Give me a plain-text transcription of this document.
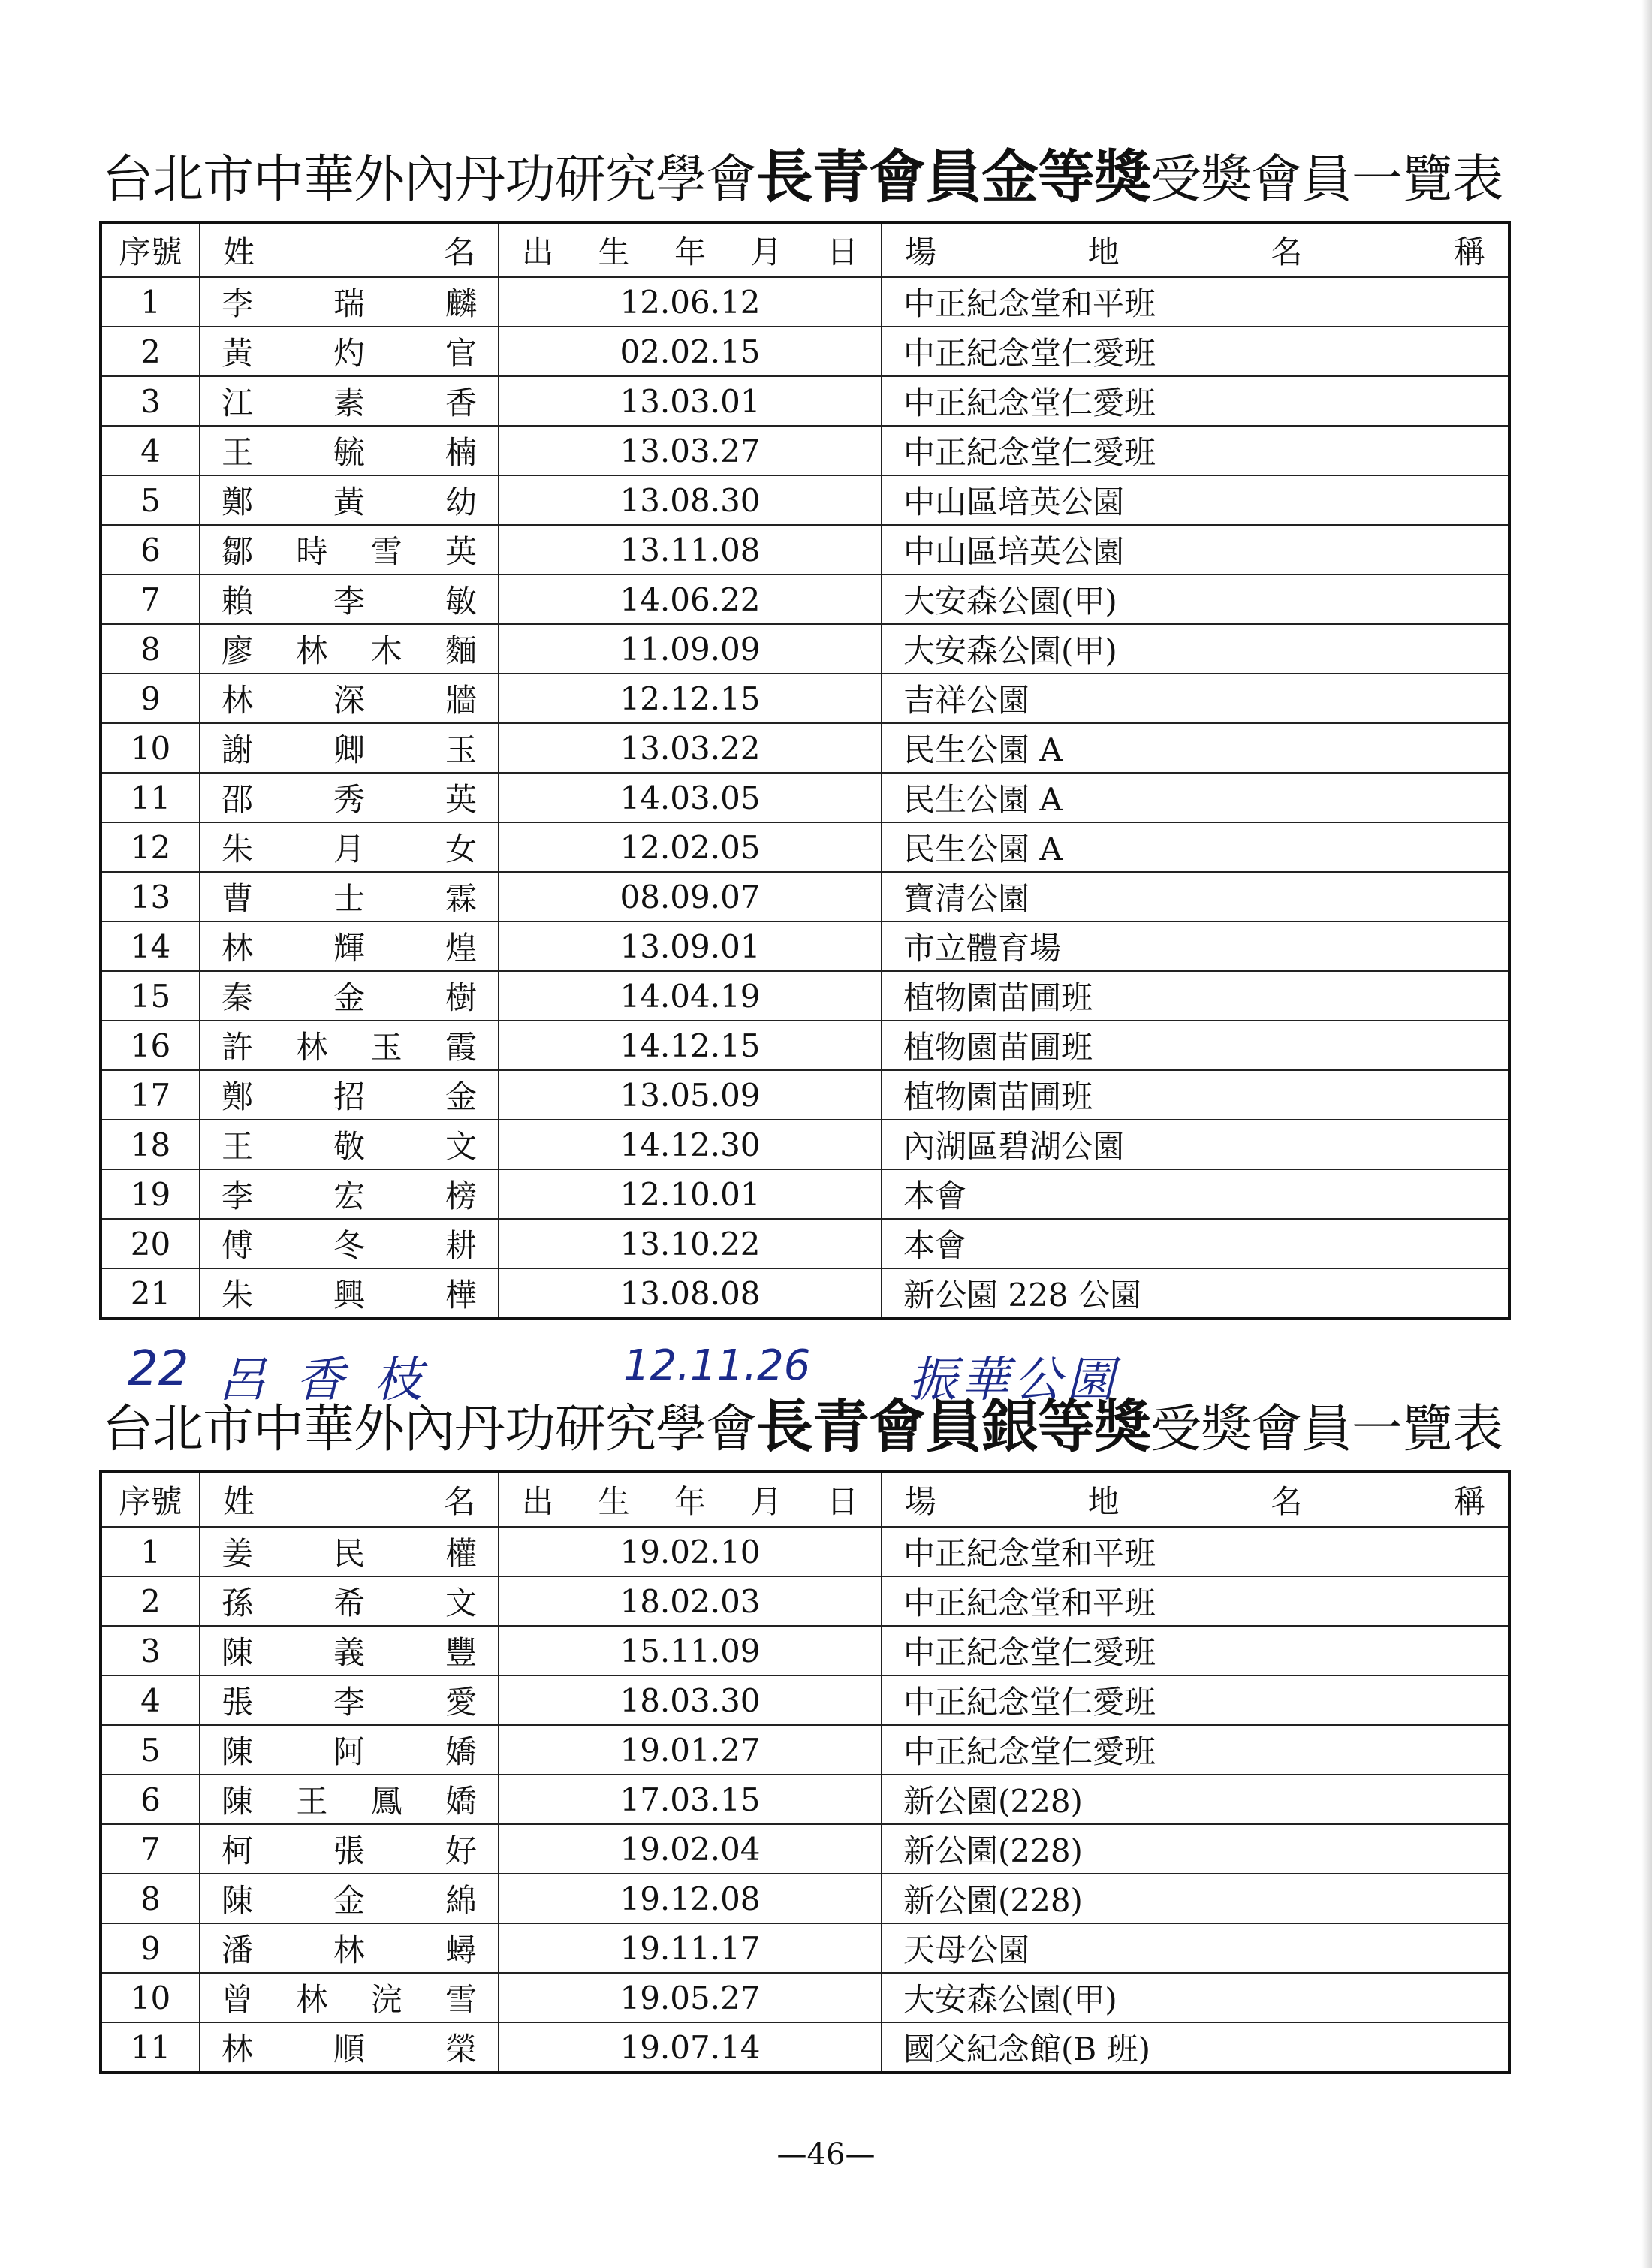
台北市中華外內丹功研究學會長青會員金等獎受獎會員一覽表
序號	姓 名	出 生 年 月 日	場 地 名 稱

1	李 瑞 麟	12.06.12	中正紀念堂和平班
2	黃 灼 官	02.02.15	中正紀念堂仁愛班
3	江 素 香	13.03.01	中正紀念堂仁愛班
4	王 毓 楠	13.03.27	中正紀念堂仁愛班
5	鄭 黃 幼	13.08.30	中山區培英公園
6	鄒 時 雪 英	13.11.08	中山區培英公園
7	賴 李 敏	14.06.22	大安森公園(甲)
8	廖 林 木 麵	11.09.09	大安森公園(甲)
9	林 深 牆	12.12.15	吉祥公園
10	謝 卿 玉	13.03.22	民生公園 A
11	邵 秀 英	14.03.05	民生公園 A
12	朱 月 女	12.02.05	民生公園 A
13	曹 士 霖	08.09.07	寶清公園
14	林 輝 煌	13.09.01	市立體育場
15	秦 金 樹	14.04.19	植物園苗圃班
16	許 林 玉 霞	14.12.15	植物園苗圃班
17	鄭 招 金	13.05.09	植物園苗圃班
18	王 敬 文	14.12.30	內湖區碧湖公園
19	李 宏 榜	12.10.01	本會
20	傅 冬 耕	13.10.22	本會
21	朱 興 樺	13.08.08	新公園 228 公園
22 呂香枝	12.11.26 振華公園
台北市中華外內丹功研究學會長青會員銀等獎受獎會員一覽表
序號	姓 名	出 生 年 月 日	場 地 名 稱

1	姜 民 權	19.02.10	中正紀念堂和平班
2	孫 希 文	18.02.03	中正紀念堂和平班
3	陳 義 豐	15.11.09	中正紀念堂仁愛班
4	張 李 愛	18.03.30	中正紀念堂仁愛班
5	陳 阿 嬌	19.01.27	中正紀念堂仁愛班
6	陳 王 鳳 嬌	17.03.15	新公園(228)
7	柯 張 好	19.02.04	新公園(228)
8	陳 金 綿	19.12.08	新公園(228)
9	潘 林 蟳	19.11.17	天母公園
10	曾 林 浣 雪	19.05.27	大安森公園(甲)
11	林 順 榮	19.07.14	國父紀念館(B 班)
—46—
